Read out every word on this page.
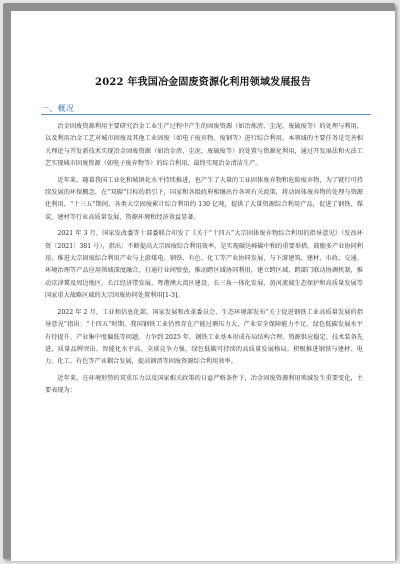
2022 年我国冶金固废资源化利用领域发展报告
一、概况

冶金固废资源利用主要研究冶金工业生产过程中产生的固废资源（如冶炼渣、尘泥、废硫废等）的处理与利用，以及利用冶金工艺对城市固废及其他工业固废（如电子废弃物、废钢等）进行综合利用。本领域的主要任务是完善相关理论与开发新技术实现冶金固废资源（如冶金渣、尘泥、废硫废等）的处置与资源化利用，通过开发湿法和火法工艺实现城市固废资源（如电子废弃物等）的综合利用，最终实现冶金清洁生产。

近年来，随着我国工业化和城镇化水平持续推进，也产生了大量的工业固体废弃物和危险废弃物，为了就行可持续发展的环保概念，在“双碳”目标的指引下，国家和各级政府相继出台各项有关政策，将动固体废弃物的处理与资源化利用。“十三五”期间，各类大宗固废累计综合利用约 130 亿吨，提供了大量资源综合利用产品，促进了钢铁、煤炭、建材等行业高质量发展，资源环境和经济效益显著。

2021 年 3 月，国家发改委等十部委联合印发了《关于“十四五”大宗固体废弃物综合利用的指导意见》（发改环资〔2021〕381 号），指出：不断提高大宗固废综合利用效率，是实现碳达峰碳中和的重要举措。鼓励多产业协同利用，推进大宗固废综合利用产业与上游煤电、钢铁、有色、化工等产业协同发展，与下游建筑、建材、市政、交通、环境治理等产品应用领域深度融合，打通行业间壁垒，推动跨区域协同利用，建立跨区域、跨部门联动协调机制，推动京津冀及周边地区、长江经济带发展、粤港澳大湾区建设、长三角一体化发展、黄河流域生态保护和高质量发展等国家重大战略区域的大宗固废协同处置利用[1-3]。

2022 年 2 月，工业和信息化部、国家发展和改革委员会、生态环境部发布“关于促进钢铁工业高质量发展的指导意见”指出：“十四五”时期，我国钢铁工业仍然存在产能过剩压力大、产业安全保障能力不足、绿色低碳发展水平有待提升、产业集中度偏低等问题。力争到 2025 年，钢铁工业基本形成布局结构合理、资源供应稳定、技术装备先进、质量品牌突出、智能化水平高、全球竞争力强、绿色低碳可持续的高质量发展格局。积极推进钢铁与建材、电力、化工、有色等产业耦合发展，提高钢渣等固废资源综合利用效率。

近年来，在环境形势的双重压力以及国家相关政策的日益严格条件下，冶金固废资源利用领域发生重要变化，主要表现为：
